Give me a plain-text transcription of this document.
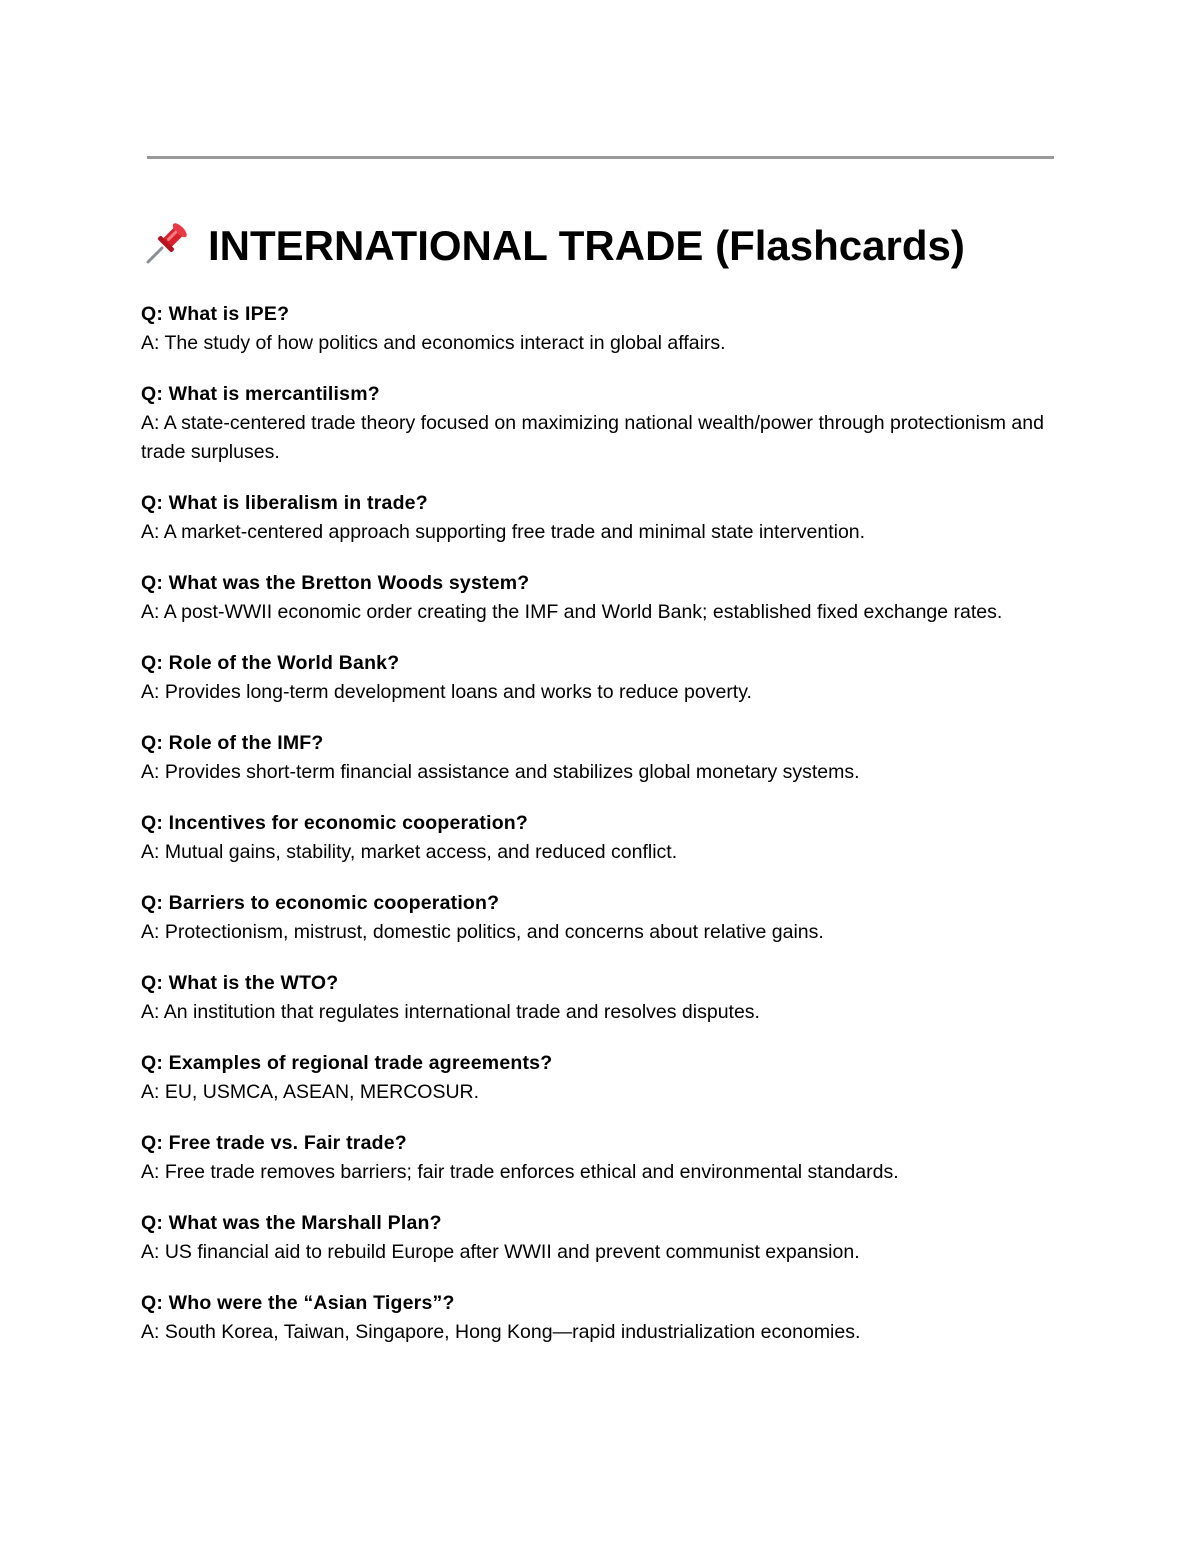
INTERNATIONAL TRADE (Flashcards)
Q: What is IPE?
A: The study of how politics and economics interact in global affairs.
Q: What is mercantilism?
A: A state-centered trade theory focused on maximizing national wealth/power through protectionism and trade surpluses.
Q: What is liberalism in trade?
A: A market-centered approach supporting free trade and minimal state intervention.
Q: What was the Bretton Woods system?
A: A post-WWII economic order creating the IMF and World Bank; established fixed exchange rates.
Q: Role of the World Bank?
A: Provides long-term development loans and works to reduce poverty.
Q: Role of the IMF?
A: Provides short-term financial assistance and stabilizes global monetary systems.
Q: Incentives for economic cooperation?
A: Mutual gains, stability, market access, and reduced conflict.
Q: Barriers to economic cooperation?
A: Protectionism, mistrust, domestic politics, and concerns about relative gains.
Q: What is the WTO?
A: An institution that regulates international trade and resolves disputes.
Q: Examples of regional trade agreements?
A: EU, USMCA, ASEAN, MERCOSUR.
Q: Free trade vs. Fair trade?
A: Free trade removes barriers; fair trade enforces ethical and environmental standards.
Q: What was the Marshall Plan?
A: US financial aid to rebuild Europe after WWII and prevent communist expansion.
Q: Who were the “Asian Tigers”?
A: South Korea, Taiwan, Singapore, Hong Kong—rapid industrialization economies.
